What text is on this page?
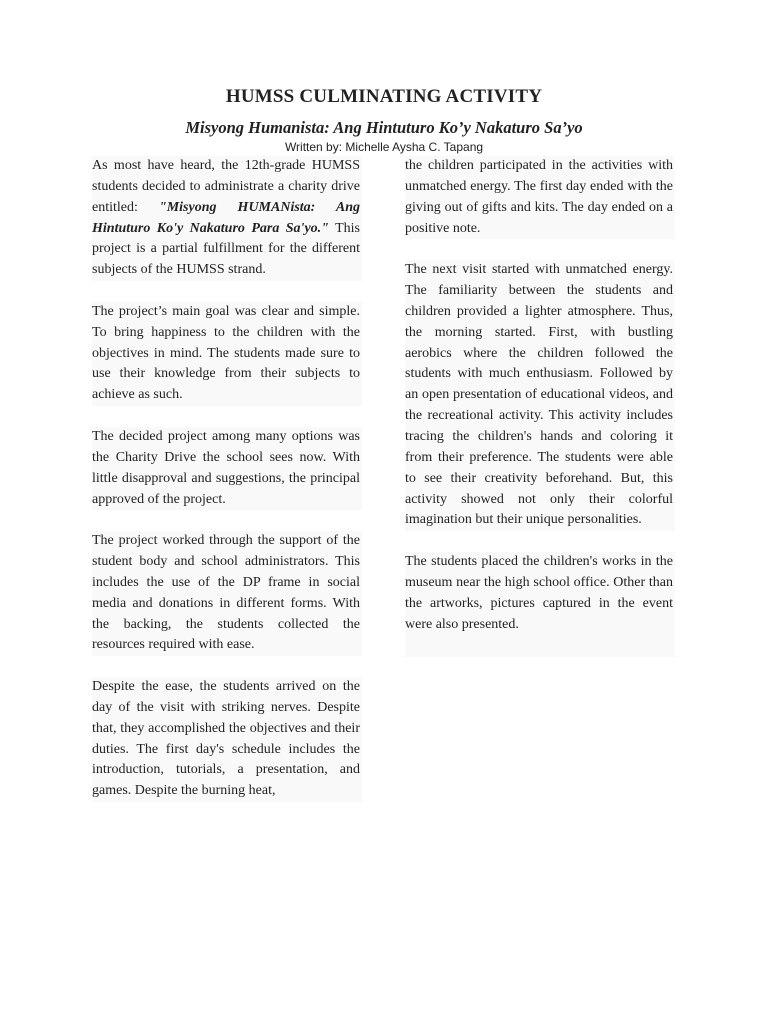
HUMSS CULMINATING ACTIVITY
Misyong Humanista: Ang Hintuturo Ko’y Nakaturo Sa’yo
Written by: Michelle Aysha C. Tapang

As most have heard, the 12th-grade HUMSS students decided to administrate a charity drive entitled: "Misyong HUMANista: Ang Hintuturo Ko'y Nakaturo Para Sa'yo." This project is a partial fulfillment for the different subjects of the HUMSS strand.

The project’s main goal was clear and simple. To bring happiness to the children with the objectives in mind. The students made sure to use their knowledge from their subjects to achieve as such.

The decided project among many options was the Charity Drive the school sees now. With little disapproval and suggestions, the principal approved of the project.

The project worked through the support of the student body and school administrators. This includes the use of the DP frame in social media and donations in different forms. With the backing, the students collected the resources required with ease.

Despite the ease, the students arrived on the day of the visit with striking nerves. Despite that, they accomplished the objectives and their duties. The first day's schedule includes the introduction, tutorials, a presentation, and games. Despite the burning heat,

the children participated in the activities with unmatched energy. The first day ended with the giving out of gifts and kits. The day ended on a positive note.

The next visit started with unmatched energy. The familiarity between the students and children provided a lighter atmosphere. Thus, the morning started. First, with bustling aerobics where the children followed the students with much enthusiasm. Followed by an open presentation of educational videos, and the recreational activity. This activity includes tracing the children's hands and coloring it from their preference. The students were able to see their creativity beforehand. But, this activity showed not only their colorful imagination but their unique personalities.

The students placed the children's works in the museum near the high school office. Other than the artworks, pictures captured in the event were also presented.
